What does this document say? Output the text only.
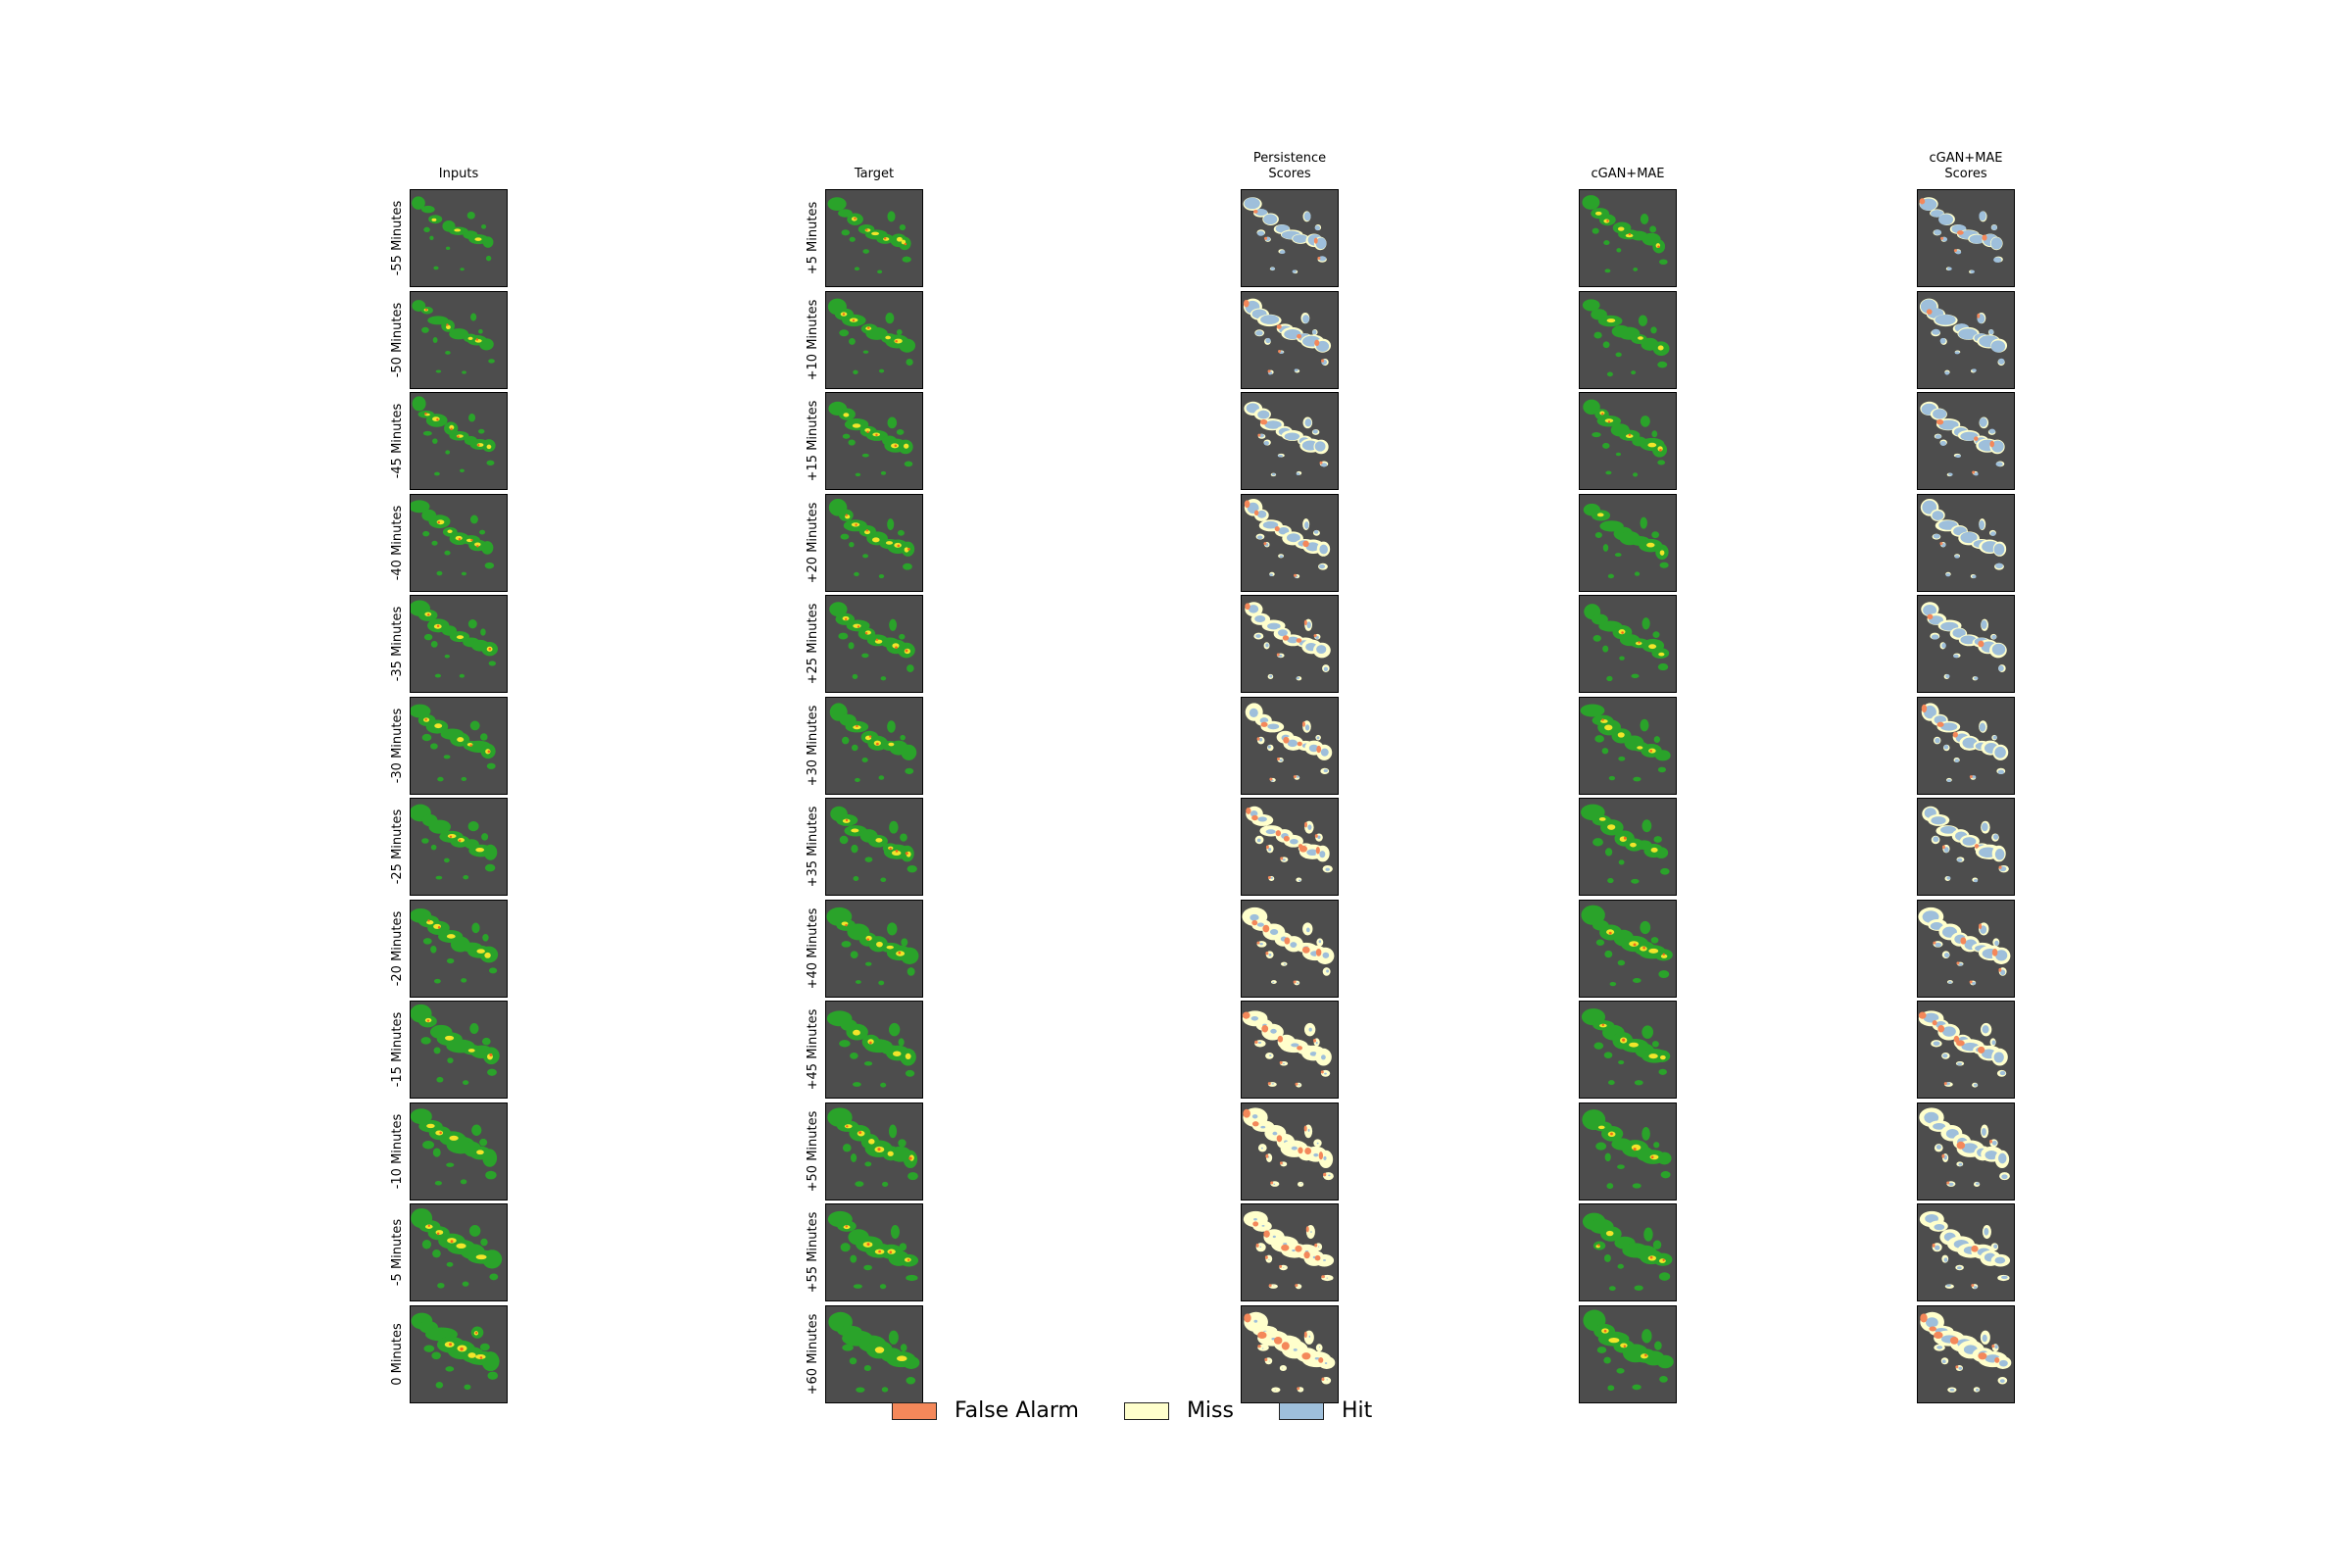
Inputs
-55 Minutes
-50 Minutes
-45 Minutes
-40 Minutes
-35 Minutes
-30 Minutes
-25 Minutes
-20 Minutes
-15 Minutes
-10 Minutes
-5 Minutes
0 Minutes
Target
+5 Minutes
+10 Minutes
+15 Minutes
+20 Minutes
+25 Minutes
+30 Minutes
+35 Minutes
+40 Minutes
+45 Minutes
+50 Minutes
+55 Minutes
+60 Minutes
Persistence
Scores	cGAN+MAE
cGAN+MAE
Scores
False Alarm	Miss	Hit
